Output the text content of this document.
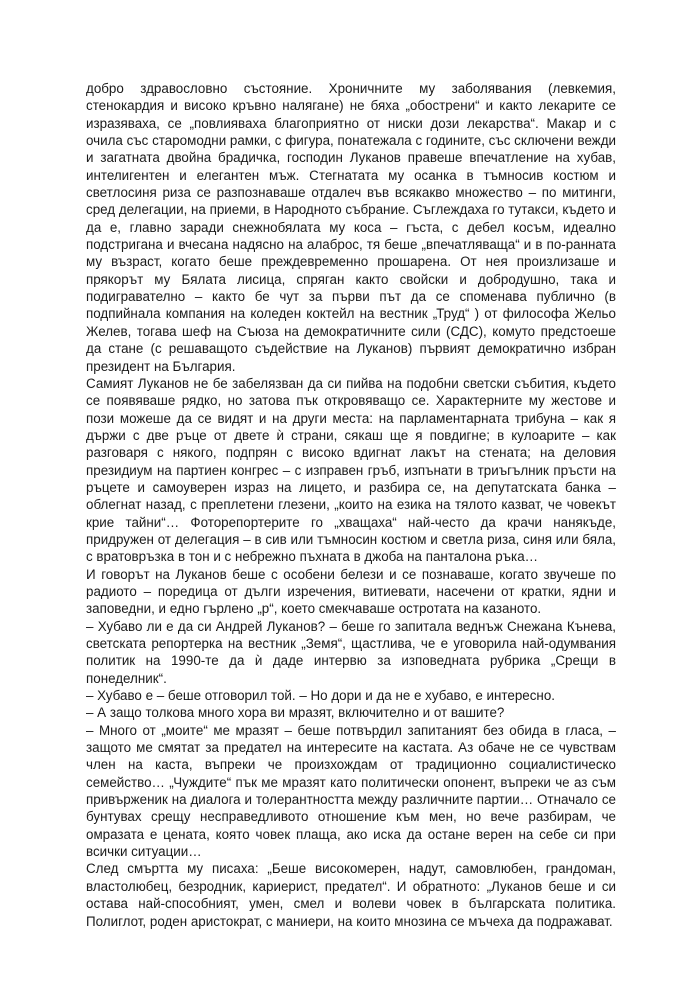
добро здравословно състояние. Хроничните му заболявания (левкемия, стенокардия и високо кръвно налягане) не бяха „обострени“ и както лекарите се изразяваха, се „повлияваха благоприятно от ниски дози лекарства“. Макар и с очила със старомодни рамки, с фигура, понатежала с годините, със сключени вежди и загатната двойна брадичка, господин Луканов правеше впечатление на хубав, интелигентен и елегантен мъж. Стегнатата му осанка в тъмносив костюм и светлосиня риза се разпознаваше отдалеч във всякакво множество – по митинги, сред делегации, на приеми, в Народното събрание. Съглеждаха го тутакси, където и да е, главно заради снежнобялата му коса – гъста, с дебел косъм, идеално подстригана и вчесана надясно на алаброс, тя беше „впечатляваща“ и в по-ранната му възраст, когато беше преждевременно прошарена. От нея произлизаше и прякорът му Бялата лисица, спряган както свойски и добродушно, така и подигравателно – както бе чут за първи път да се споменава публично (в подпийнала компания на коледен коктейл на вестник „Труд“ ) от философа Жельо Желев, тогава шеф на Съюза на демократичните сили (СДС), комуто предстоеше да стане (с решаващото съдействие на Луканов) първият демократично избран президент на България.

Самият Луканов не бе забелязван да си пийва на подобни светски събития, където се появяваше рядко, но затова пък откровяващо се. Характерните му жестове и пози можеше да се видят и на други места: на парламентарната трибуна – как я държи с две ръце от двете ѝ страни, сякаш ще я повдигне; в кулоарите – как разговаря с някого, подпрян с високо вдигнат лакът на стената; на деловия президиум на партиен конгрес – с изправен гръб, изпънати в триъгълник пръсти на ръцете и самоуверен израз на лицето, и разбира се, на депутатската банка – облегнат назад, с преплетени глезени, „които на езика на тялото казват, че човекът крие тайни“… Фоторепортерите го „хващаха“ най-често да крачи нанякъде, придружен от делегация – в сив или тъмносин костюм и светла риза, синя или бяла, с вратовръзка в тон и с небрежно пъхната в джоба на панталона ръка…

И говорът на Луканов беше с особени белези и се познаваше, когато звучеше по радиото – поредица от дълги изречения, витиевати, насечени от кратки, ядни и заповедни, и едно гърлено „р“, което смекчаваше остротата на казаното.

– Хубаво ли е да си Андрей Луканов? – беше го запитала веднъж Снежана Кънева, светската репортерка на вестник „Земя“, щастлива, че е уговорила най-одумвания политик на 1990-те да ѝ даде интервю за изповедната рубрика „Срещи в понеделник“.

– Хубаво е – беше отговорил той. – Но дори и да не е хубаво, е интересно.

– А защо толкова много хора ви мразят, включително и от вашите?

– Много от „моите“ ме мразят – беше потвърдил запитаният без обида в гласа, – защото ме смятат за предател на интересите на кастата. Аз обаче не се чувствам член на каста, въпреки че произхождам от традиционно социалистическо семейство… „Чуждите“ пък ме мразят като политически опонент, въпреки че аз съм привърженик на диалога и толерантността между различните партии… Отначало се бунтувах срещу несправедливото отношение към мен, но вече разбирам, че омразата е цената, която човек плаща, ако иска да остане верен на себе си при всички ситуации…

След смъртта му писаха: „Беше високомерен, надут, самовлюбен, грандоман, властолюбец, безродник, кариерист, предател“. И обратното: „Луканов беше и си остава най-способният, умен, смел и волеви човек в българската политика. Полиглот, роден аристократ, с маниери, на които мнозина се мъчеха да подражават.
